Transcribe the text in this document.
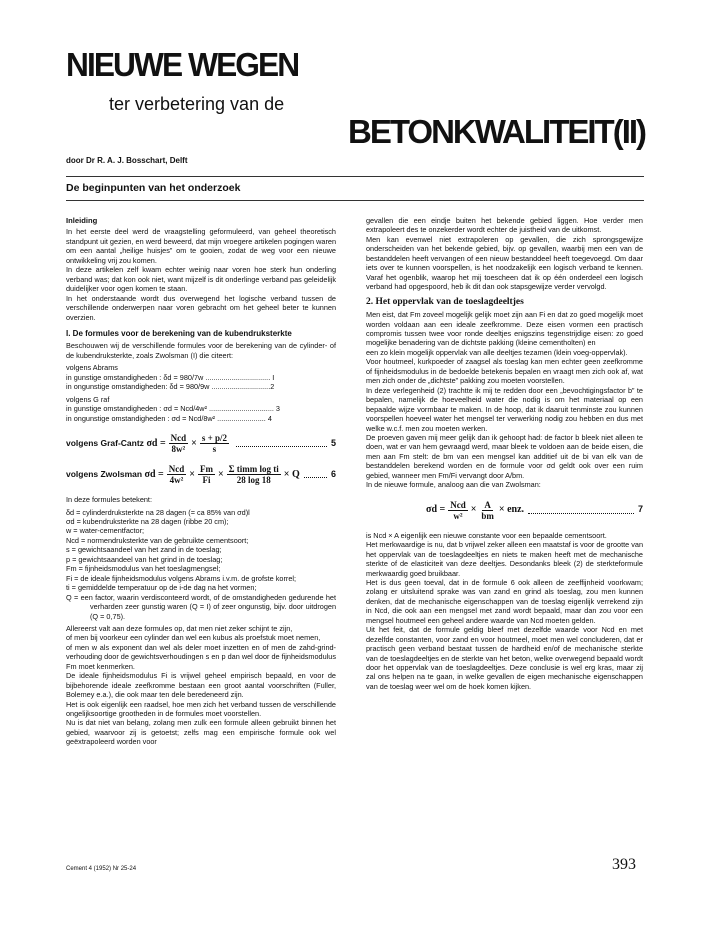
NIEUWE WEGEN
ter verbetering van de
BETONKWALITEIT(II)
door Dr R. A. J. Bosschart, Delft
De beginpunten van het onderzoek
Inleiding

In het eerste deel werd de vraagstelling geformuleerd, van geheel theoretisch standpunt uit gezien, en werd beweerd, dat mijn vroegere artikelen pogingen waren om een aantal „heilige huisjes” om te gooien, zodat de weg voor een nieuwe ontwikkeling vrij zou komen.

In deze artikelen zelf kwam echter weinig naar voren hoe sterk hun onderling verband was; dat kon ook niet, want mijzelf is dit onderlinge verband pas geleidelijk duidelijker voor ogen komen te staan.

In het onderstaande wordt dus overwegend het logische verband tussen de verschillende onderwerpen naar voren gebracht om het geheel beter te kunnen overzien.

I. De formules voor de berekening van de kubendruksterkte

Beschouwen wij de verschillende formules voor de berekening van de cylinder- of de kubendruksterkte, zoals Zwolsman (I) die citeert:

volgens Abrams

in gunstige omstandigheden : δd = 980/7w ................................ I

in ongunstige omstandigheden: δd = 980/9w .............................2

volgens G raf

in gunstige omstandigheden : σd = Ncd/4w² ................................ 3

in ongunstige omstandigheden : σd = Ncd/8w² ........................ 4

volgens Graf-Cantz
$\sigma d = \frac{\text{Ncd}}{\text{8w²}} \times \frac{s + p/2}{s}$	5
volgens Zwolsman
$\sigma d = \frac{\text{Ncd}}{\text{4w²}} \times \frac{Fm}{Fi} \times \frac{\text{Σ timm log ti}}{28 \log 18} \times Q$	6

In deze formules betekent:

δd = cylinderdruksterkte na 28 dagen (= ca 85% van σd)l

σd = kubendruksterkte na 28 dagen (ribbe 20 cm);

w = water-cementfactor;

Ncd = normendruksterkte van de gebruikte cementsoort;

s = gewichtsaandeel van het zand in de toeslag;

p = gewichtsaandeel van het grind in de toeslag;

Fm = fijnheidsmodulus van het toeslagmengsel;

Fi = de ideale fijnheidsmodulus volgens Abrams i.v.m. de grofste korrel;

ti = gemiddelde temperatuur op de i-de dag na het vormen;

Q = een factor, waarin verdisconteerd wordt, of de omstandigheden gedurende het verharden zeer gunstig waren (Q = I) of zeer ongunstig, bijv. door uitdrogen (Q = 0,75).

Allereerst valt aan deze formules op, dat men niet zeker schijnt te zijn,

of men bij voorkeur een cylinder dan wel een kubus als proefstuk moet nemen,

of men w als exponent dan wel als deler moet inzetten en of men de zahd-grind-verhouding door de gewichtsverhoudingen s en p dan wel door de fijnheidsmodulus Fm moet kenmerken.

De ideale fijnheidsmodulus Fi is vrijwel geheel empirisch bepaald, en voor de bijbehorende ideale zeefkromme bestaan een groot aantal voorschriften (Fuller, Bolemey e.a.), die ook maar ten dele beredeneerd zijn.

Het is ook eigenlijk een raadsel, hoe men zich het verband tussen de verschillende ongelijksoortige grootheden in de formules moet voorstellen.

Nu is dat niet van belang, zolang men zulk een formule alleen gebruikt binnen het gebied, waarvoor zij is getoetst; zelfs mag een empirische formule ook wel geëxtrapoleerd worden voor

gevallen die een eindje buiten het bekende gebied liggen. Hoe verder men extrapoleert des te onzekerder wordt echter de juistheid van de uitkomst.

Men kan evenwel niet extrapoleren op gevallen, die zich sprongsgewijze onderscheiden van het bekende gebied, bijv. op gevallen, waarbij men een van de bestanddelen heeft vervangen of een nieuw bestanddeel heeft toegevoegd. Om daar iets over te kunnen voorspellen, is het noodzakelijk een logisch verband te kennen. Varaf het ogenblik, waarop het mij toescheen dat ik op één onderdeel een logisch verband had opgespoord, heb ik dit dan ook stapsgewijze verder vervolgd.

2. Het oppervlak van de toeslagdeeltjes

Men eist, dat Fm zoveel mogelijk gelijk moet zijn aan Fi en dat zo goed mogelijk moet worden voldaan aan een ideale zeefkromme. Deze eisen vormen een practisch compromis tussen twee voor ronde deeltjes enigszins tegenstrijdige eisen: zo goed mogelijke benadering van de dichtste pakking (kleine cementholten) en

een zo klein mogelijk oppervlak van alle deeltjes tezamen (klein voeg-oppervlak).

Voor houtmeel, kurkpoeder of zaagsel als toeslag kan men echter geen zeefkromme of fijnheidsmodulus in de bedoelde betekenis bepalen en vraagt men zich ook af, wat men zich onder de „dichtste” pakking zou moeten voorstellen.

In deze verlegenheid (2) trachtte ik mij te redden door een „bevochtigingsfactor b” te bepalen, namelijk de hoeveelheid water die nodig is om het materiaal op een bepaalde wijze vormbaar te maken. In de hoop, dat ik daaruit tenminste zou kunnen voorspellen hoeveel water het mengsel ter verwerking nodig zou hebben en dus met welke w.c.f. men zou moeten werken.

De proeven gaven mij meer gelijk dan ik gehoopt had: de factor b bleek niet alleen te doen, wat er van hem gevraagd werd, maar bleek te voldoen aan de beide eisen, die men aan Fm stelt: de bm van een mengsel kan additief uit de bi van elk van de bestanddelen berekend worden en de formule voor σd geldt ook over een ruim gebied, wanneer men Fm/Fi vervangt door A/bm.

In de nieuwe formule, analoog aan die van Zwolsman:

$\sigma d = \frac{\text{Ncd}}{\text{w²}} \times \frac{A}{bm}$ × enz.	7

is Ncd × A eigenlijk een nieuwe constante voor een bepaalde cementsoort.

Het merkwaardige is nu, dat b vrijwel zeker alleen een maatstaf is voor de grootte van het oppervlak van de toeslagdeeltjes en niets te maken heeft met de mechanische sterkte of de elasticiteit van deze deeltjes. Desondanks bleek (2) de sterkteformule merkwaardig goed bruikbaar.

Het is dus geen toeval, dat in de formule 6 ook alleen de zeeffijnheid voorkwam; zolang er uitsluitend sprake was van zand en grind als toeslag, zou men kunnen denken, dat de mechanische eigenschappen van de toeslag eigenlijk verrekend zijn in Ncd, die ook aan een mengsel met zand wordt bepaald, maar dan zou voor een mengsel houtmeel een geheel andere waarde van Ncd moeten gelden.

Uit het feit, dat de formule geldig bleef met dezelfde waarde voor Ncd en met dezelfde constanten, voor zand en voor houtmeel, moet men wel concluderen, dat er practisch geen verband bestaat tussen de hardheid en/of de mechanische sterkte van de toeslagdeeltjes en de sterkte van het beton, welke overwegend bepaald wordt door het oppervlak van de toeslagdeeltjes. Deze conclusie is wel erg kras, maar zij zal ons helpen na te gaan, in welke gevallen de eigen mechanische eigenschappen van de toeslag weer wel om de hoek komen kijken.

Cement 4 (1952) Nr 25-24	393
